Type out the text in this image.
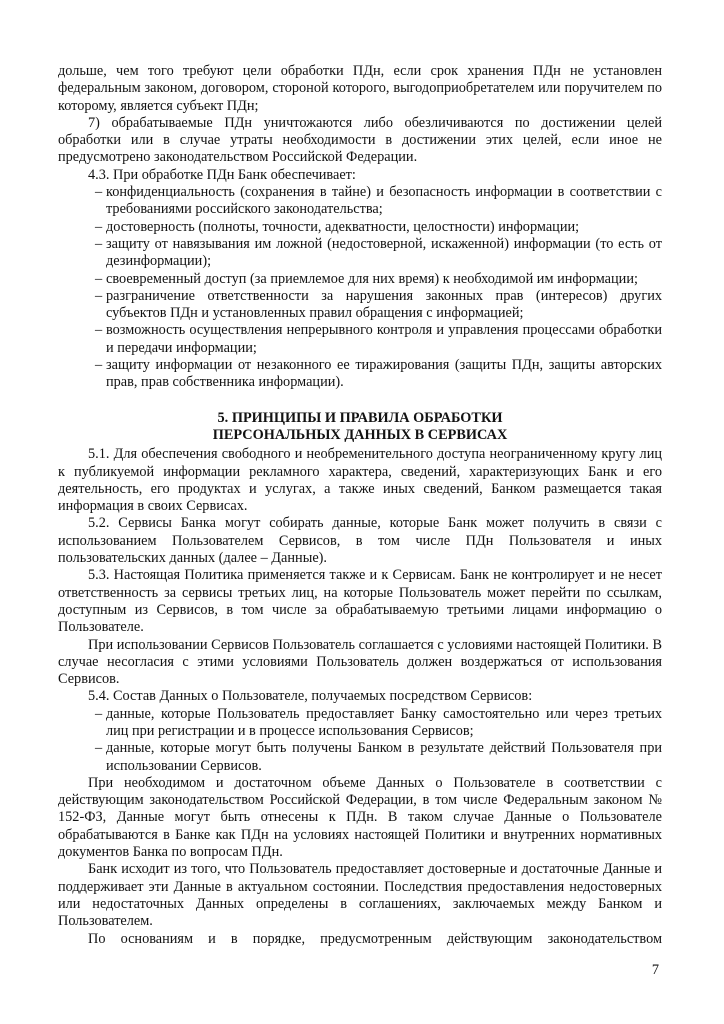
дольше, чем того требуют цели обработки ПДн, если срок хранения ПДн не установлен федеральным законом, договором, стороной которого, выгодоприобретателем или поручителем по которому, является субъект ПДн;
7) обрабатываемые ПДн уничтожаются либо обезличиваются по достижении целей обработки или в случае утраты необходимости в достижении этих целей, если иное не предусмотрено законодательством Российской Федерации.
4.3. При обработке ПДн Банк обеспечивает:
– конфиденциальность (сохранения в тайне) и безопасность информации в соответствии с требованиями российского законодательства;
– достоверность (полноты, точности, адекватности, целостности) информации;
– защиту от навязывания им ложной (недостоверной, искаженной) информации (то есть от дезинформации);
– своевременный доступ (за приемлемое для них время) к необходимой им информации;
– разграничение ответственности за нарушения законных прав (интересов) других субъектов ПДн и установленных правил обращения с информацией;
– возможность осуществления непрерывного контроля и управления процессами обработки и передачи информации;
– защиту информации от незаконного ее тиражирования (защиты ПДн, защиты авторских прав, прав собственника информации).
5. ПРИНЦИПЫ И ПРАВИЛА ОБРАБОТКИ
ПЕРСОНАЛЬНЫХ ДАННЫХ В СЕРВИСАХ
5.1. Для обеспечения свободного и необременительного доступа неограниченному кругу лиц к публикуемой информации рекламного характера, сведений, характеризующих Банк и его деятельность, его продуктах и услугах, а также иных сведений, Банком размещается такая информация в своих Сервисах.
5.2. Сервисы Банка могут собирать данные, которые Банк может получить в связи с использованием Пользователем Сервисов, в том числе ПДн Пользователя и иных пользовательских данных (далее – Данные).
5.3. Настоящая Политика применяется также и к Сервисам. Банк не контролирует и не несет ответственность за сервисы третьих лиц, на которые Пользователь может перейти по ссылкам, доступным из Сервисов, в том числе за обрабатываемую третьими лицами информацию о Пользователе.
При использовании Сервисов Пользователь соглашается с условиями настоящей Политики. В случае несогласия с этими условиями Пользователь должен воздержаться от использования Сервисов.
5.4. Состав Данных о Пользователе, получаемых посредством Сервисов:
– данные, которые Пользователь предоставляет Банку самостоятельно или через третьих лиц при регистрации и в процессе использования Сервисов;
– данные, которые могут быть получены Банком в результате действий Пользователя при использовании Сервисов.
При необходимом и достаточном объеме Данных о Пользователе в соответствии с действующим законодательством Российской Федерации, в том числе Федеральным законом № 152-ФЗ, Данные могут быть отнесены к ПДн. В таком случае Данные о Пользователе обрабатываются в Банке как ПДн на условиях настоящей Политики и внутренних нормативных документов Банка по вопросам ПДн.
Банк исходит из того, что Пользователь предоставляет достоверные и достаточные Данные и поддерживает эти Данные в актуальном состоянии. Последствия предоставления недостоверных или недостаточных Данных определены в соглашениях, заключаемых между Банком и Пользователем.
По основаниям и в порядке, предусмотренным действующим законодательством
7
